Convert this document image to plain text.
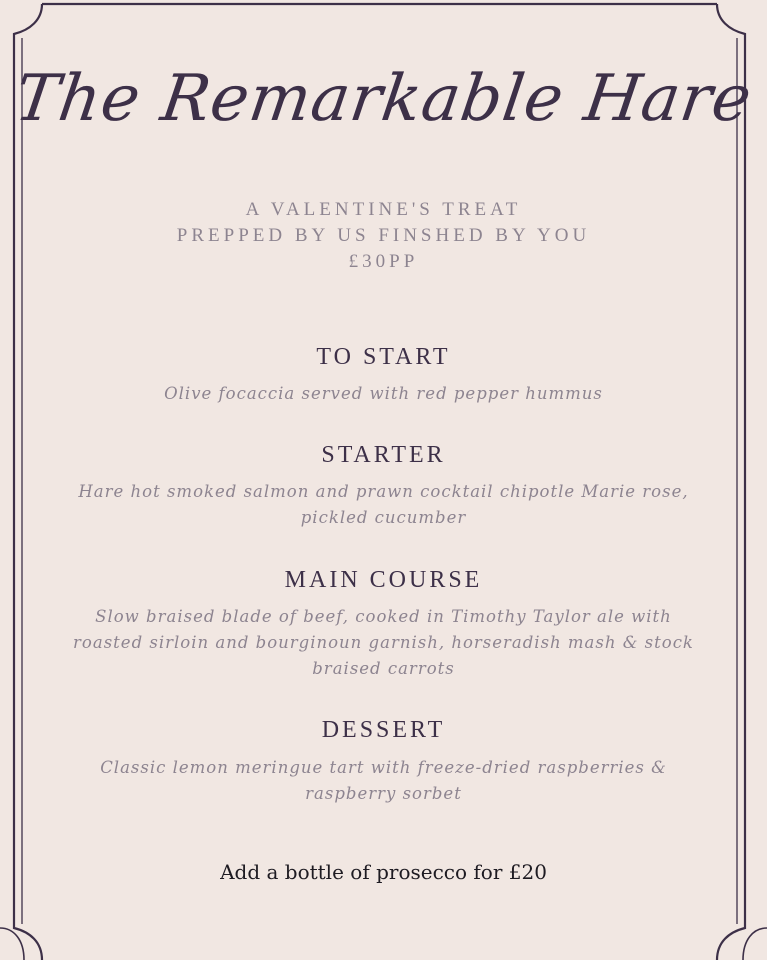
The Remarkable Hare
A VALENTINE'S TREAT
PREPPED BY US FINSHED BY YOU
£30PP
TO START
Olive focaccia served with red pepper hummus
STARTER
Hare hot smoked salmon and prawn cocktail chipotle Marie rose, pickled cucumber
MAIN COURSE
Slow braised blade of beef, cooked in Timothy Taylor ale with roasted sirloin and bourginoun garnish, horseradish mash & stock braised carrots
DESSERT
Classic lemon meringue tart with freeze-dried raspberries & raspberry sorbet
Add a bottle of prosecco for £20
